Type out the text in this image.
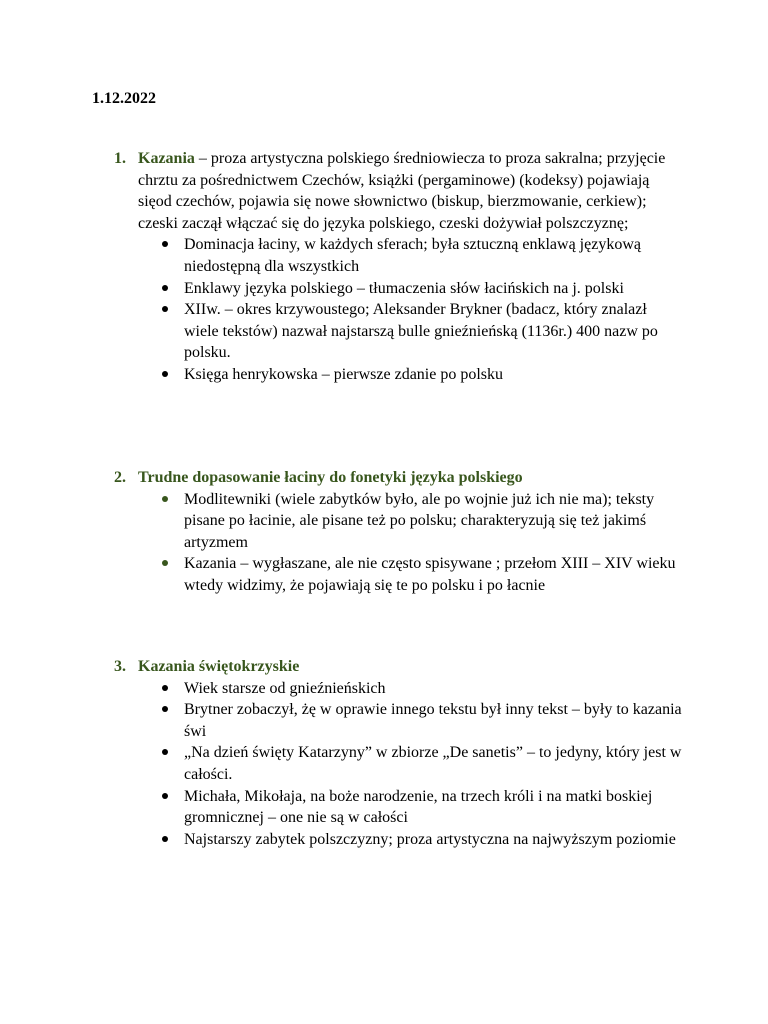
1.12.2022

1. Kazania – proza artystyczna polskiego średniowiecza to proza sakralna; przyjęcie chrztu za pośrednictwem Czechów, książki (pergaminowe) (kodeksy) pojawiają sięod czechów, pojawia się nowe słownictwo (biskup, bierzmowanie, cerkiew); czeski zaczął włączać się do języka polskiego, czeski dożywiał polszczyznę;

Dominacja łaciny, w każdych sferach; była sztuczną enklawą językową niedostępną dla wszystkich
Enklawy języka polskiego – tłumaczenia słów łacińskich na j. polski
XIIw. – okres krzywoustego; Aleksander Brykner (badacz, który znalazł wiele tekstów) nazwał najstarszą bulle gnieźnieńską (1136r.) 400 nazw po polsku.
Księga henrykowska – pierwsze zdanie po polsku

2. Trudne dopasowanie łaciny do fonetyki języka polskiego

Modlitewniki (wiele zabytków było, ale po wojnie już ich nie ma); teksty pisane po łacinie, ale pisane też po polsku; charakteryzują się też jakimś artyzmem
Kazania – wygłaszane, ale nie często spisywane ; przełom XIII – XIV wieku wtedy widzimy, że pojawiają się te po polsku i po łacnie

3. Kazania świętokrzyskie

Wiek starsze od gnieźnieńskich
Brytner zobaczył, żę w oprawie innego tekstu był inny tekst – były to kazania świ
„Na dzień święty Katarzyny” w zbiorze „De sanetis” – to jedyny, który jest w całości.
Michała, Mikołaja, na boże narodzenie, na trzech króli i na matki boskiej gromnicznej – one nie są w całości
Najstarszy zabytek polszczyzny; proza artystyczna na najwyższym poziomie
